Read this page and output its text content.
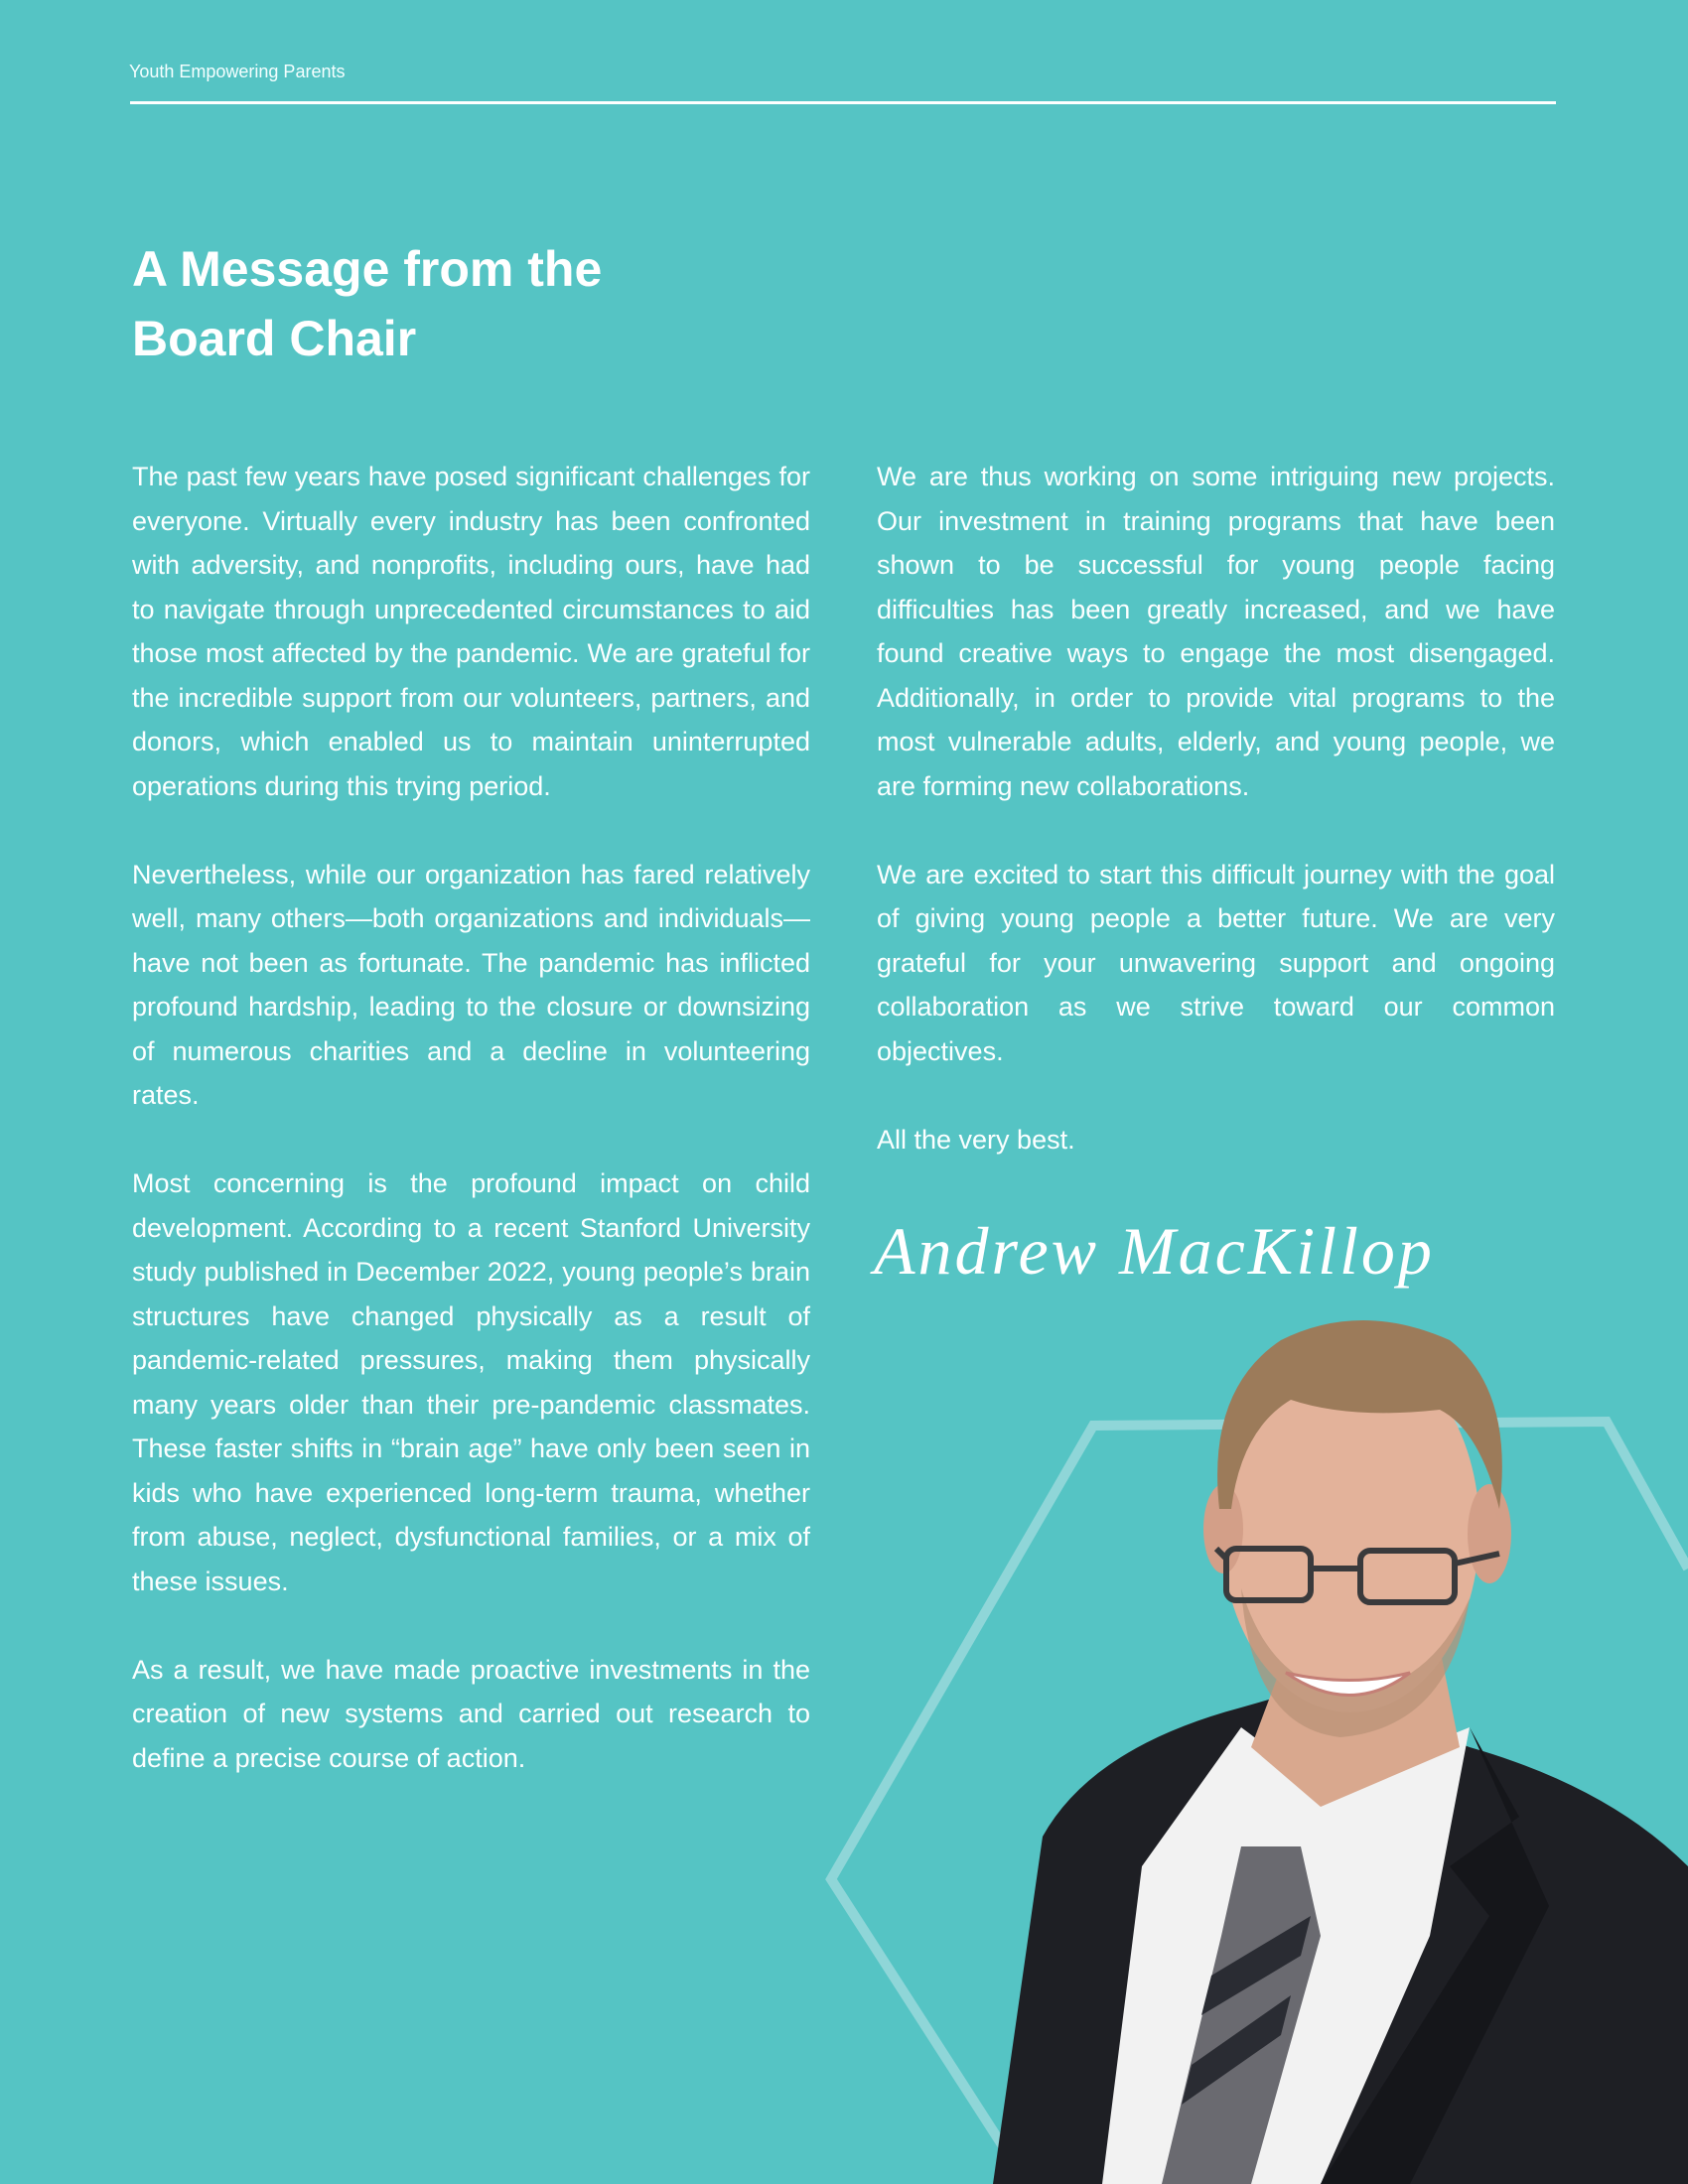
Youth Empowering Parents
A Message from the
Board Chair

The past few years have posed significant challenges for everyone. Virtually every industry has been confronted with adversity, and nonprofits, including ours, have had to navigate through unprecedented circumstances to aid those most affected by the pandemic. We are grateful for the incredible support from our volunteers, partners, and donors, which enabled us to maintain uninterrupted operations during this trying period.

Nevertheless, while our organization has fared relatively well, many others—both organizations and individuals—have not been as fortunate. The pandemic has inflicted profound hardship, leading to the closure or downsizing of numerous charities and a decline in volunteering rates.

Most concerning is the profound impact on child development. According to a recent Stanford University study published in December 2022, young people’s brain structures have changed physically as a result of pandemic-related pressures, making them physically many years older than their pre-pandemic classmates. These faster shifts in “brain age” have only been seen in kids who have experienced long-term trauma, whether from abuse, neglect, dysfunctional families, or a mix of these issues.

As a result, we have made proactive investments in the creation of new systems and carried out research to define a precise course of action.

We are thus working on some intriguing new projects. Our investment in training programs that have been shown to be successful for young people facing difficulties has been greatly increased, and we have found creative ways to engage the most disengaged. Additionally, in order to provide vital programs to the most vulnerable adults, elderly, and young people, we are forming new collaborations.

We are excited to start this difficult journey with the goal of giving young people a better future. We are very grateful for your unwavering support and ongoing collaboration as we strive toward our common objectives.

All the very best.

Andrew MacKillop
